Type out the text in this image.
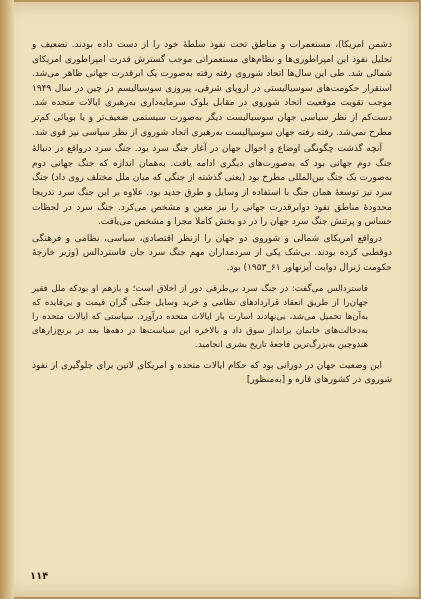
دشمن امریکا)، مستعمرات و مناطق تحت نفوذ سلطهٔ خود را از دست داده بودند. تضعیف و تحلیل نفوذ این امپراطوری‌ها و نظام‌های مستعمراتی موجب گسترش قدرت امپراطوری امریکای شمالی شد. طی این سال‌ها اتحاد شوروی رفته رفته به‌صورت یک ابرقدرت جهانی ظاهر می‌شد. استقرار حکومت‌های سوسیالیستی در اروپای شرقی، پیروزی سوسیالیسم در چین در سال ۱۹۴۹ موجب تقویت موقعیت اتحاد شوروی در مقابل بلوک سرمایه‌داری به‌رهبری ایالات متحده شد. دست‌کم از نظر سیاسی جهان سوسیالیست دیگر به‌صورت سیستمی ضعیف‌تر و یا بویائی کم‌تر مطرح نمی‌شد. رفته رفته جهان سوسیالیست به‌رهبری اتحاد شوروی از نظر سیاسی نیز قوی شد.

آنچه گذشت چگونگی اوضاع و احوال جهان در آغاز جنگ سرد بود. جنگ سرد درواقع در دنبالهٔ جنگ دوم جهانی بود که به‌صورت‌های دیگری ادامه یافت. به‌همان اندازه که جنگ جهانی دوم به‌صورت یک جنگ بین‌المللی مطرح بود (یعنی گذشته از جنگی که میان ملل مختلف روی داد) جنگ سرد نیز توسعهٔ همان جنگ با استفاده از وسایل و طرق جدید بود. علاوه بر این جنگ سرد تدریجا محدودهٔ مناطق نفوذ دوابرقدرت جهانی را نیز معین و مشخص می‌کرد. جنگ سرد در لحظات حساس و پرتنش جنگ سرد جهان را در دو بخش کاملا مجزا و مشخص می‌یافت.

درواقع امریکای شمالی و شوروی دو جهان را ازنظر اقتصادی، سیاسی، نظامی و فرهنگی دوقطبی کرده بودند. بی‌شک یکی از سردمداران مهم جنگ سرد جان فاستردالس (وزیر خارجهٔ حکومت ژنرال دوایت آیزنهاور ۶۱_۱۹۵۳) بود.

فاستردالس می‌گفت: در جنگ سرد بی‌طرفی دور از اخلاق است؛ و بازهم او بودکه ملل فقیر جهان‌را از طریق انعقاد قراردادهای نظامی و خرید وسایل جنگی گران قیمت و بی‌فایده که به‌آن‌ها تحمیل می‌شد، بی‌نهادند اسارت بار ایالات متحده درآورد. سیاستی که ایالات متحده را به‌دخالت‌های خانمان برانداز سوق داد و بالاخره این سیاست‌ها در دهه‌ها بعد در برنج‌زارهای هندوچین به‌بزرگ‌ترین فاجعهٔ تاریخ بشری انجامید.

این وضعیت جهان در دورانی بود که حکام ایالات متحده و امریکای لاتین برای جلوگیری از نفوذ شوروی در کشورهای قاره و [به‌منظور]

۱۱۴
